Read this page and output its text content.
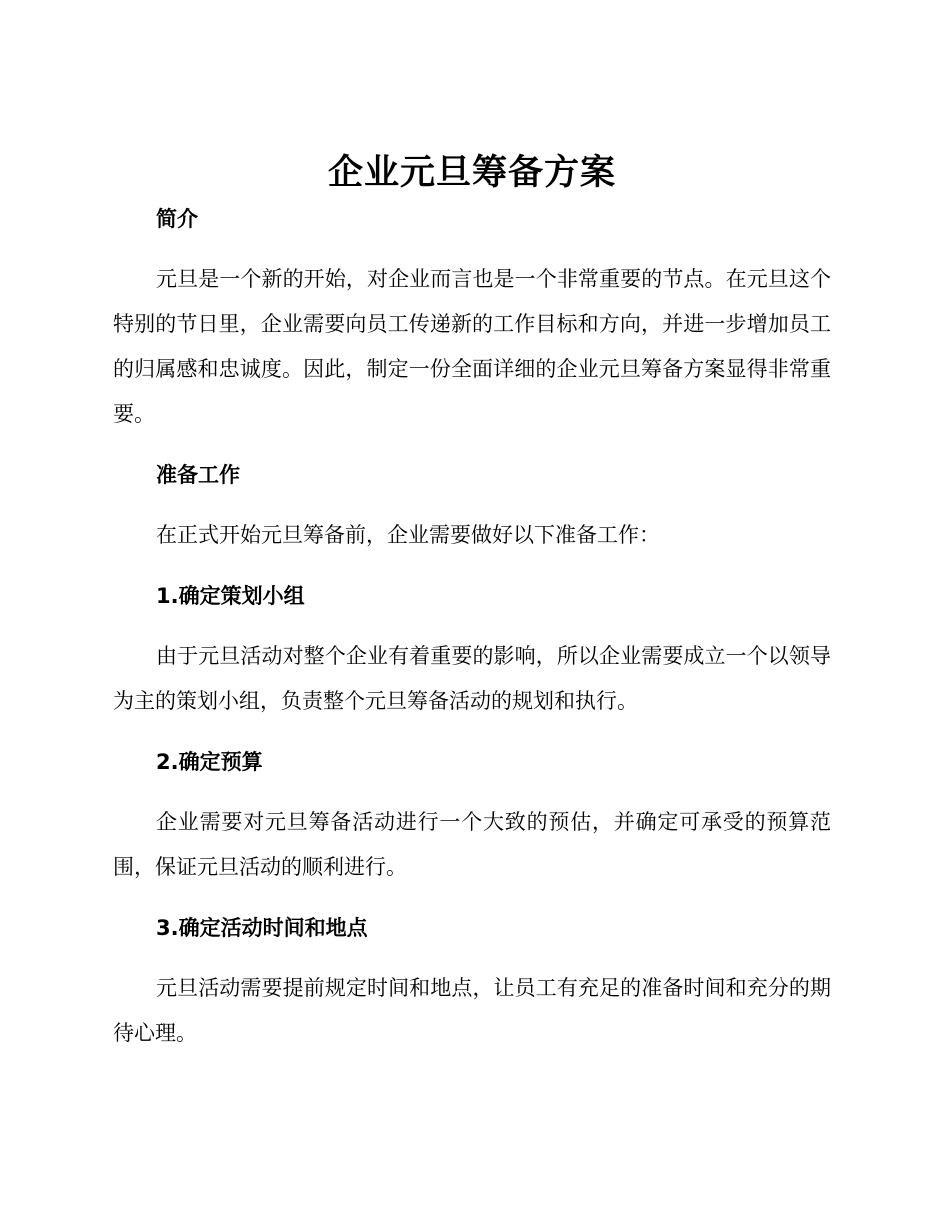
企业元旦筹备方案
简介

元旦是一个新的开始，对企业而言也是一个非常重要的节点。在元旦这个特别的节日里，企业需要向员工传递新的工作目标和方向，并进一步增加员工的归属感和忠诚度。因此，制定一份全面详细的企业元旦筹备方案显得非常重要。

准备工作

在正式开始元旦筹备前，企业需要做好以下准备工作：

1.确定策划小组

由于元旦活动对整个企业有着重要的影响，所以企业需要成立一个以领导为主的策划小组，负责整个元旦筹备活动的规划和执行。

2.确定预算

企业需要对元旦筹备活动进行一个大致的预估，并确定可承受的预算范围，保证元旦活动的顺利进行。

3.确定活动时间和地点

元旦活动需要提前规定时间和地点，让员工有充足的准备时间和充分的期待心理。
